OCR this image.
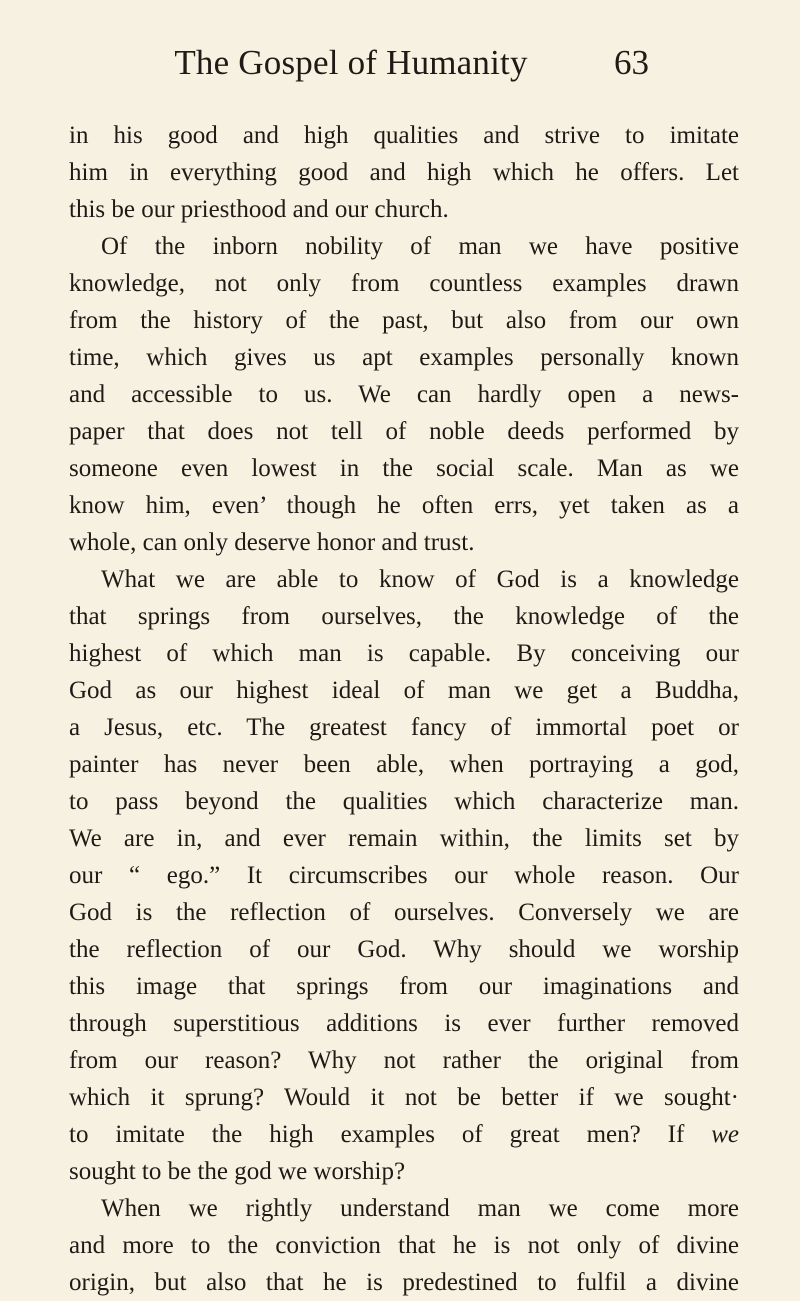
The Gospel of Humanity	63

in his good and high qualities and strive to imitate
him in everything good and high which he offers. Let
this be our priesthood and our church.

Of the inborn nobility of man we have positive
knowledge, not only from countless examples drawn
from the history of the past, but also from our own
time, which gives us apt examples personally known
and accessible to us. We can hardly open a news-
paper that does not tell of noble deeds performed by
someone even lowest in the social scale. Man as we
know him, even’ though he often errs, yet taken as a
whole, can only deserve honor and trust.

What we are able to know of God is a knowledge
that springs from ourselves, the knowledge of the
highest of which man is capable. By conceiving our
God as our highest ideal of man we get a Buddha,
a Jesus, etc. The greatest fancy of immortal poet or
painter has never been able, when portraying a god,
to pass beyond the qualities which characterize man.
We are in, and ever remain within, the limits set by
our “ ego.” It circumscribes our whole reason. Our
God is the reflection of ourselves. Conversely we are
the reflection of our God. Why should we worship
this image that springs from our imaginations and
through superstitious additions is ever further removed
from our reason? Why not rather the original from
which it sprung? Would it not be better if we sought·
to imitate the high examples of great men? If we
sought to be the god we worship?

When we rightly understand man we come more
and more to the conviction that he is not only of divine
origin, but also that he is predestined to fulfil a divine
